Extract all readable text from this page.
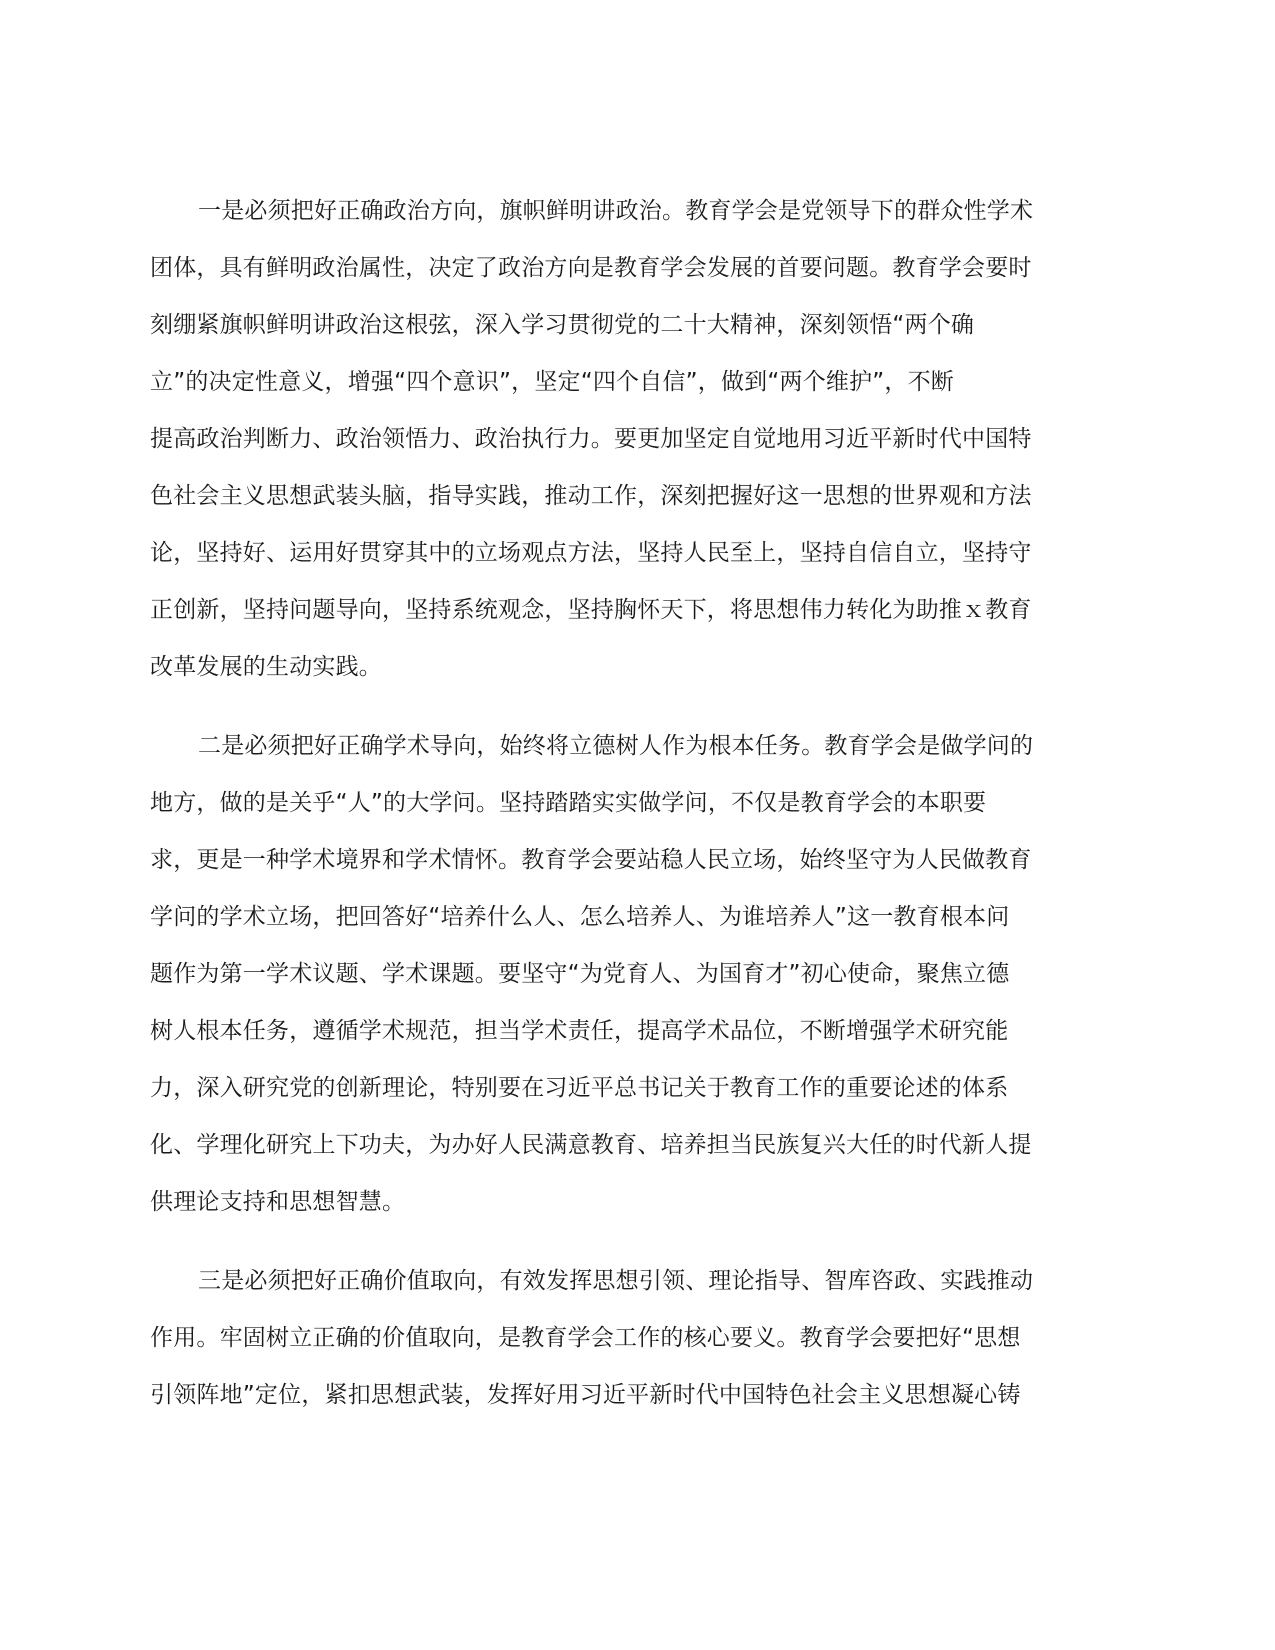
一是必须把好正确政治方向，旗帜鲜明讲政治。教育学会是党领导下的群众性学术
团体，具有鲜明政治属性，决定了政治方向是教育学会发展的首要问题。教育学会要时
刻绷紧旗帜鲜明讲政治这根弦，深入学习贯彻党的二十大精神，深刻领悟“两个确
立”的决定性意义，增强“四个意识”，坚定“四个自信”，做到“两个维护”，不断
提高政治判断力、政治领悟力、政治执行力。要更加坚定自觉地用习近平新时代中国特
色社会主义思想武装头脑，指导实践，推动工作，深刻把握好这一思想的世界观和方法
论，坚持好、运用好贯穿其中的立场观点方法，坚持人民至上，坚持自信自立，坚持守
正创新，坚持问题导向，坚持系统观念，坚持胸怀天下，将思想伟力转化为助推ｘ教育
改革发展的生动实践。
二是必须把好正确学术导向，始终将立德树人作为根本任务。教育学会是做学问的
地方，做的是关乎“人”的大学问。坚持踏踏实实做学问，不仅是教育学会的本职要
求，更是一种学术境界和学术情怀。教育学会要站稳人民立场，始终坚守为人民做教育
学问的学术立场，把回答好“培养什么人、怎么培养人、为谁培养人”这一教育根本问
题作为第一学术议题、学术课题。要坚守“为党育人、为国育才”初心使命，聚焦立德
树人根本任务，遵循学术规范，担当学术责任，提高学术品位，不断增强学术研究能
力，深入研究党的创新理论，特别要在习近平总书记关于教育工作的重要论述的体系
化、学理化研究上下功夫，为办好人民满意教育、培养担当民族复兴大任的时代新人提
供理论支持和思想智慧。
三是必须把好正确价值取向，有效发挥思想引领、理论指导、智库咨政、实践推动
作用。牢固树立正确的价值取向，是教育学会工作的核心要义。教育学会要把好“思想
引领阵地”定位，紧扣思想武装，发挥好用习近平新时代中国特色社会主义思想凝心铸
